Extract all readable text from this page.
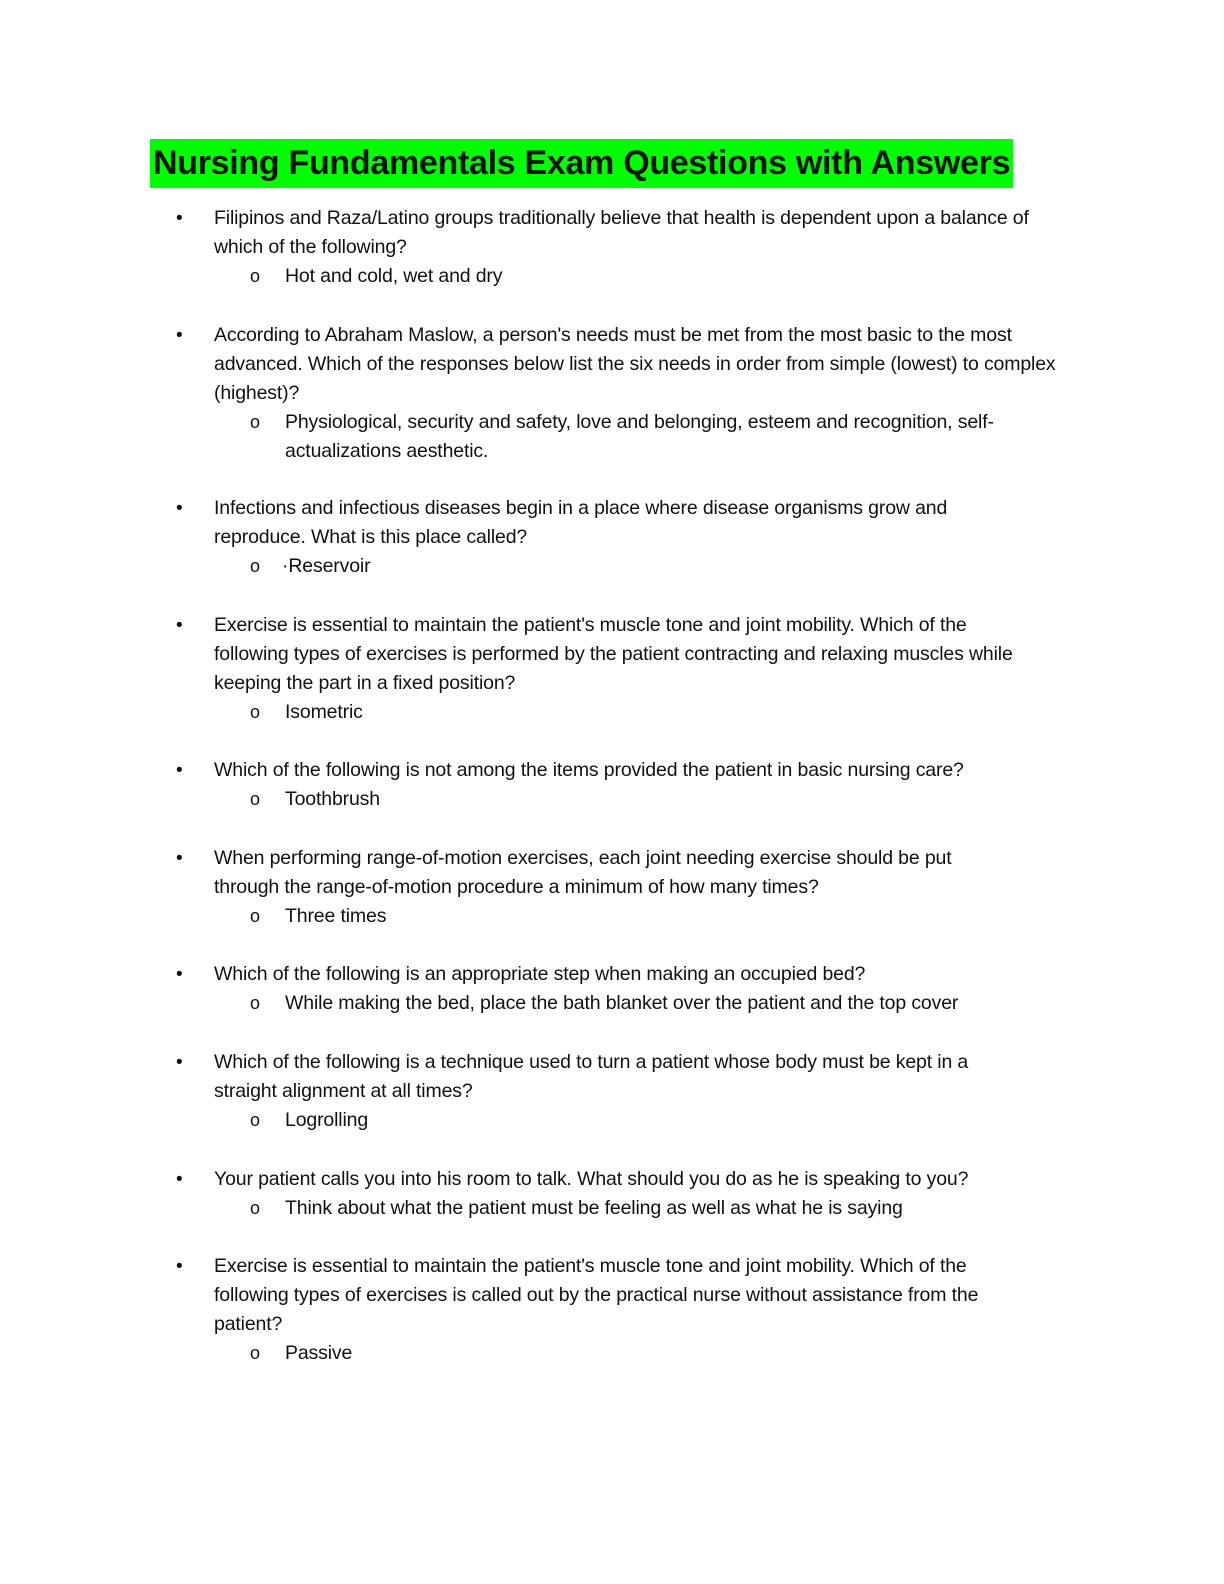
Nursing Fundamentals Exam Questions with Answers
•	Filipinos and Raza/Latino groups traditionally believe that health is dependent upon a balance of which of the following?
o Hot and cold, wet and dry
•	According to Abraham Maslow, a person's needs must be met from the most basic to the most advanced. Which of the responses below list the six needs in order from simple (lowest) to complex (highest)?
o Physiological, security and safety, love and belonging, esteem and recognition, self- actualizations aesthetic.
•	Infections and infectious diseases begin in a place where disease organisms grow and reproduce. What is this place called?
o ·Reservoir
•	Exercise is essential to maintain the patient's muscle tone and joint mobility. Which of the following types of exercises is performed by the patient contracting and relaxing muscles while keeping the part in a fixed position?
o Isometric
•	Which of the following is not among the items provided the patient in basic nursing care?
o Toothbrush
•	When performing range-of-motion exercises, each joint needing exercise should be put through the range-of-motion procedure a minimum of how many times?
o Three times
•	Which of the following is an appropriate step when making an occupied bed?
o While making the bed, place the bath blanket over the patient and the top cover
•	Which of the following is a technique used to turn a patient whose body must be kept in a straight alignment at all times?
o Logrolling
•	Your patient calls you into his room to talk. What should you do as he is speaking to you?
o Think about what the patient must be feeling as well as what he is saying
•	Exercise is essential to maintain the patient's muscle tone and joint mobility. Which of the following types of exercises is called out by the practical nurse without assistance from the patient?
o Passive
